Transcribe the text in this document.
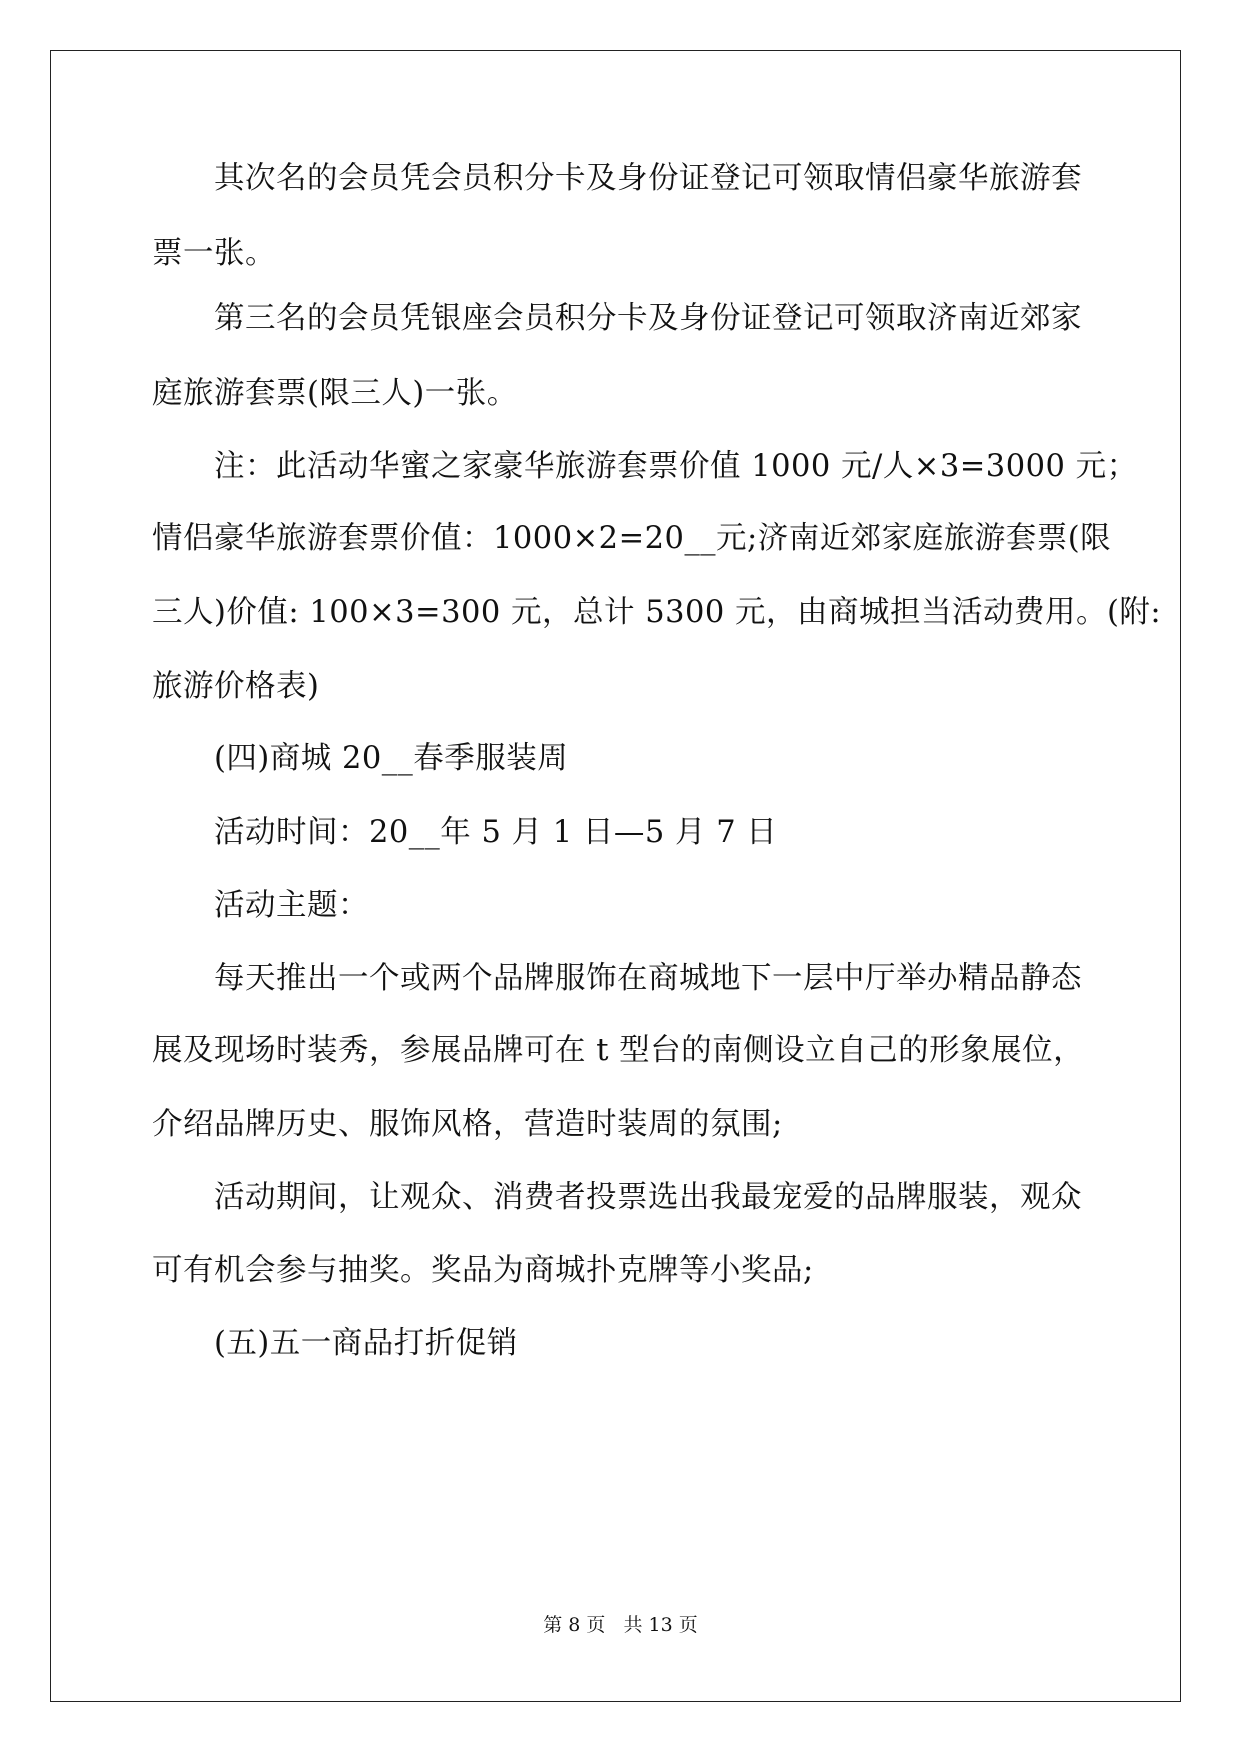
其次名的会员凭会员积分卡及身份证登记可领取情侣豪华旅游套
票一张。
第三名的会员凭银座会员积分卡及身份证登记可领取济南近郊家
庭旅游套票(限三人)一张。
注：此活动华蜜之家豪华旅游套票价值 1000 元/人×3=3000 元；
情侣豪华旅游套票价值：1000×2=20__元;济南近郊家庭旅游套票(限
三人)价值: 100×3=300 元，总计 5300 元，由商城担当活动费用。(附:
旅游价格表)
(四)商城 20__春季服装周
活动时间：20__年 5 月 1 日—5 月 7 日
活动主题：
每天推出一个或两个品牌服饰在商城地下一层中厅举办精品静态
展及现场时装秀，参展品牌可在 t 型台的南侧设立自己的形象展位，
介绍品牌历史、服饰风格，营造时装周的氛围;
活动期间，让观众、消费者投票选出我最宠爱的品牌服装，观众
可有机会参与抽奖。奖品为商城扑克牌等小奖品;
(五)五一商品打折促销
第 8 页 共 13 页
